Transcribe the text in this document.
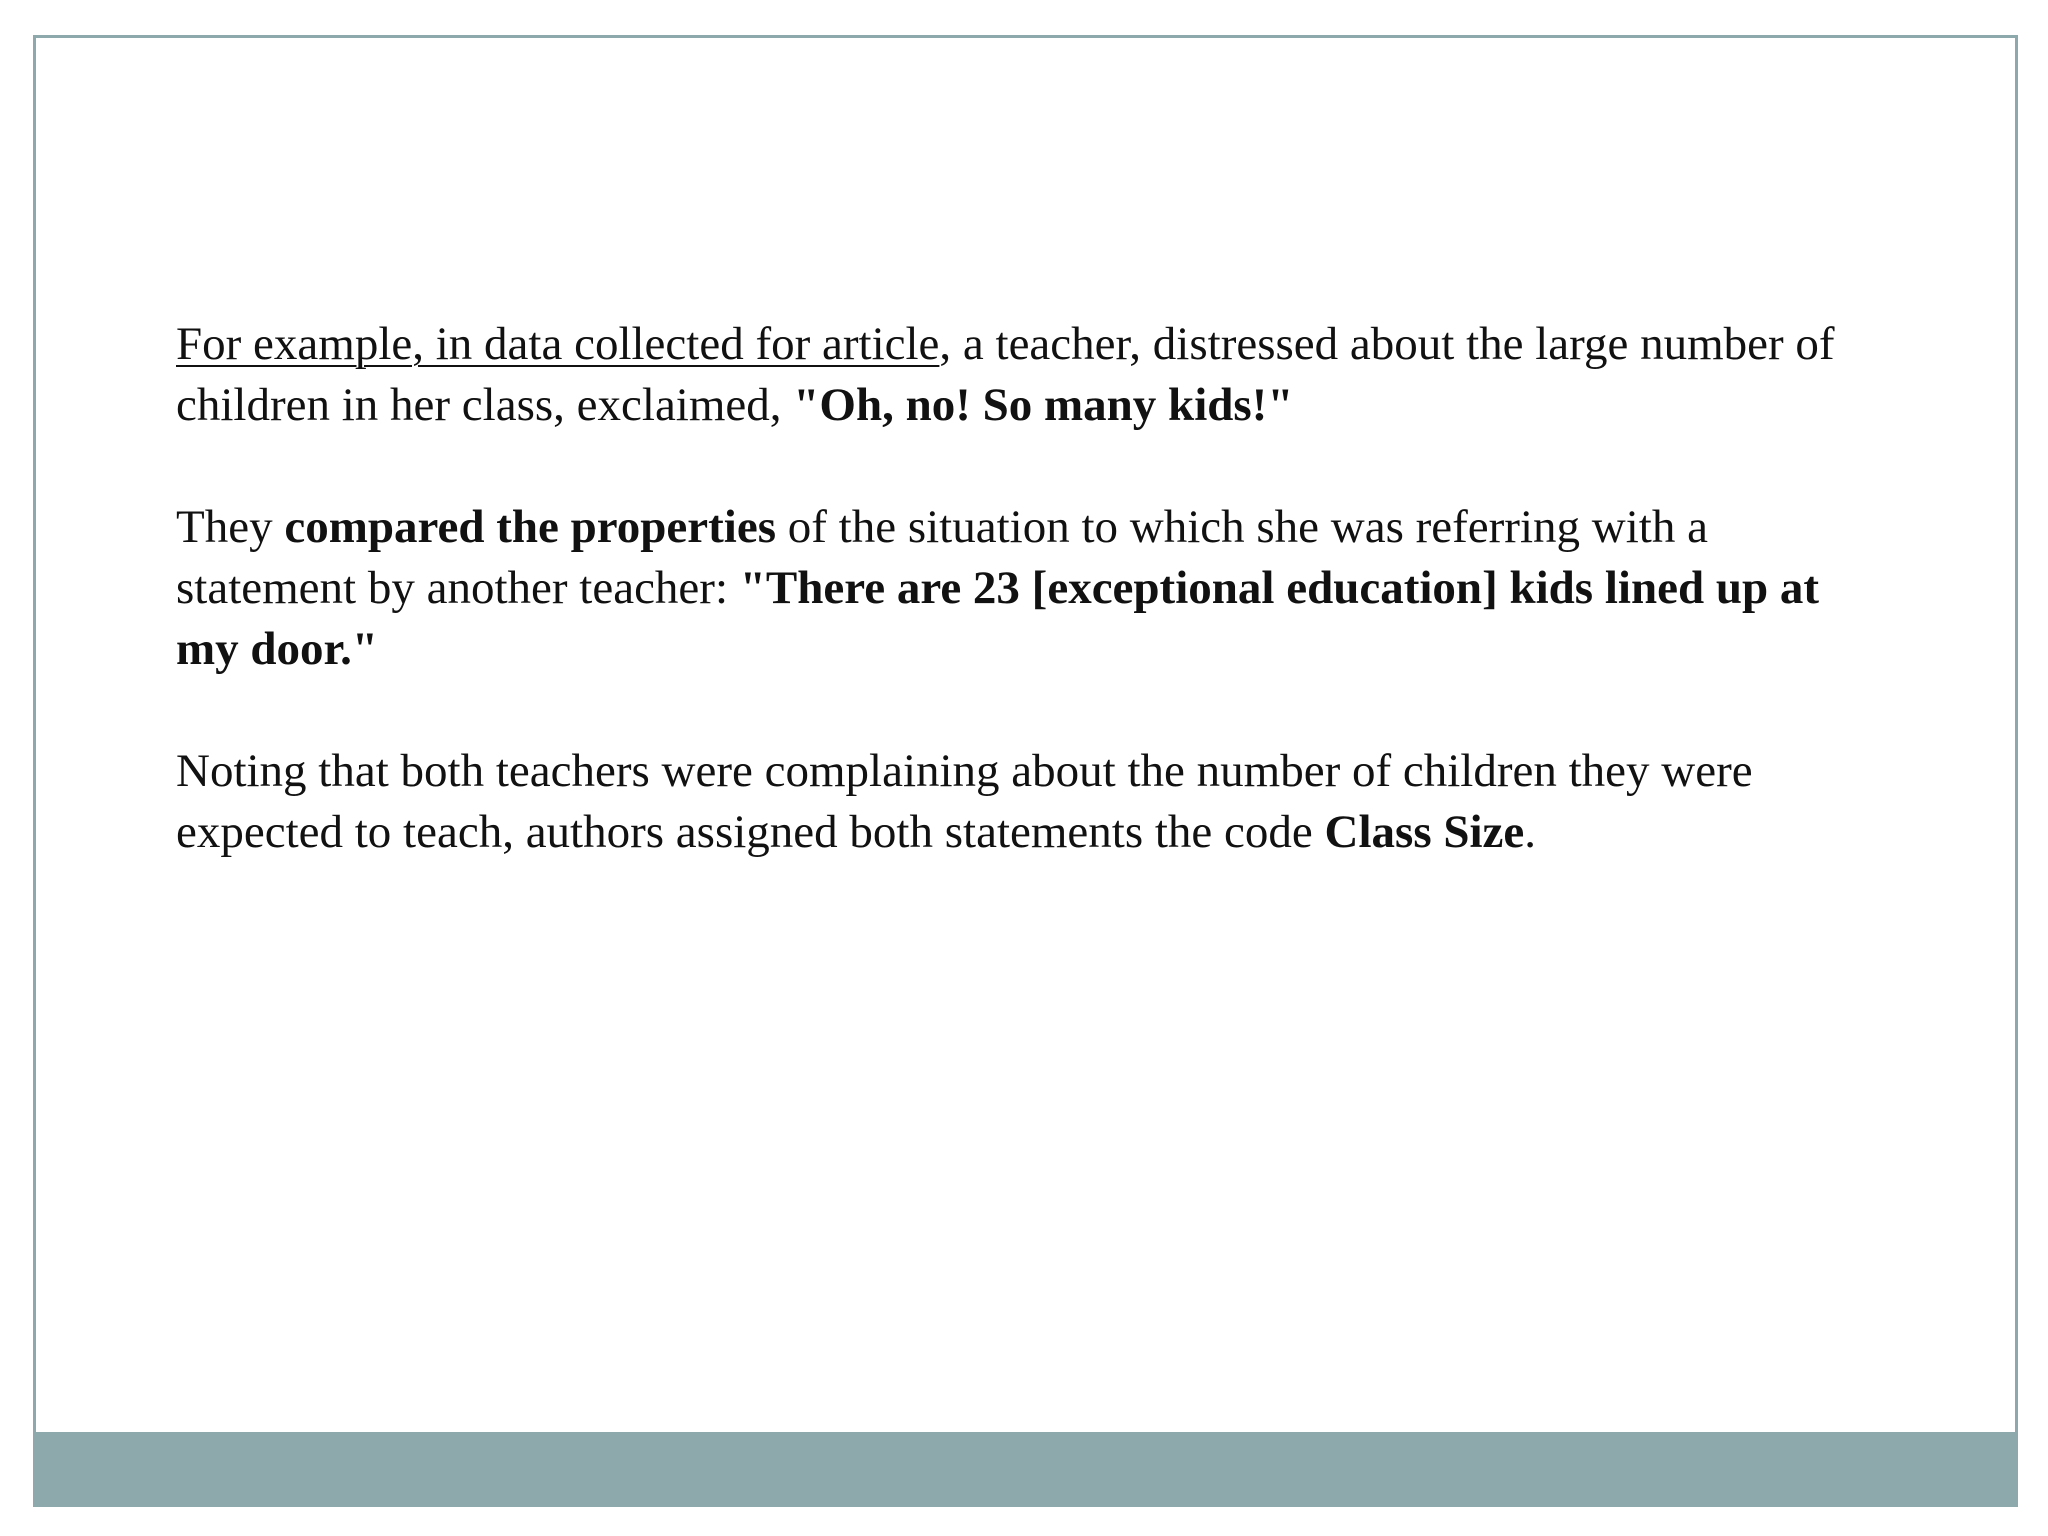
For example, in data collected for article, a teacher, distressed about the large number of children in her class, exclaimed, "Oh, no! So many kids!"

They compared the properties of the situation to which she was referring with a statement by another teacher: "There are 23 [exceptional education] kids lined up at my door."

Noting that both teachers were complaining about the number of children they were expected to teach, authors assigned both statements the code Class Size.
